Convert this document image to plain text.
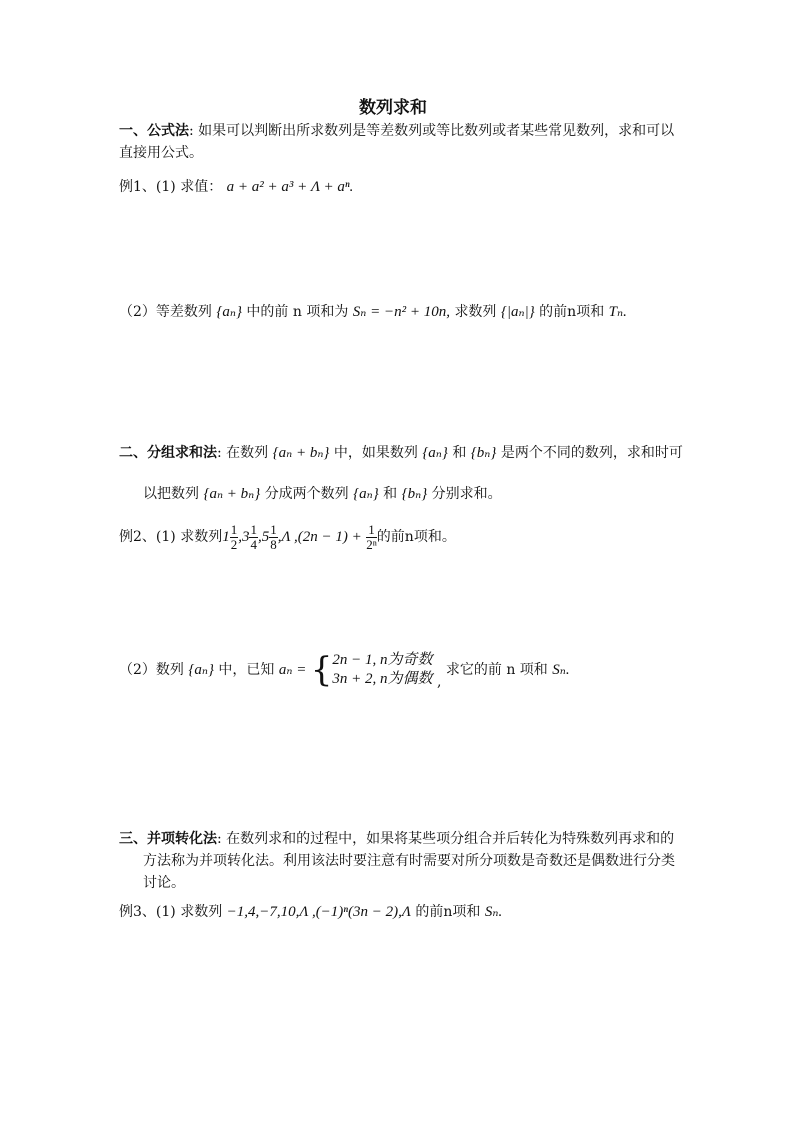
数列求和
一、公式法: 如果可以判断出所求数列是等差数列或等比数列或者某些常见数列，求和可以
直接用公式。
例1、(1) 求值： a + a² + a³ + Λ + aⁿ.
（2）等差数列 {aₙ} 中的前 n 项和为 Sₙ = −n² + 10n, 求数列 {|aₙ|} 的前n项和 Tₙ.
二、分组求和法: 在数列 {aₙ + bₙ} 中，如果数列 {aₙ} 和 {bₙ} 是两个不同的数列，求和时可
以把数列 {aₙ + bₙ} 分成两个数列 {aₙ} 和 {bₙ} 分别求和。
例2、(1) 求数列$1 \frac{1}{2} ,3 \frac{1}{4} ,5 \frac{1}{8} ,\Lambda$ $,(2n - 1) + \frac{1}{\text{2ⁿ}}$ 的前n项和。
（2）数列 {aₙ} 中，已知 aₙ = { 2n − 1, n为奇数
3n + 2, n为偶数 , 求它的前 n 项和 Sₙ.
三、并项转化法: 在数列求和的过程中，如果将某些项分组合并后转化为特殊数列再求和的
方法称为并项转化法。利用该法时要注意有时需要对所分项数是奇数还是偶数进行分类
讨论。
例3、(1) 求数列 −1,4,−7,10,Λ ,(−1)ⁿ(3n − 2),Λ 的前n项和 Sₙ.
